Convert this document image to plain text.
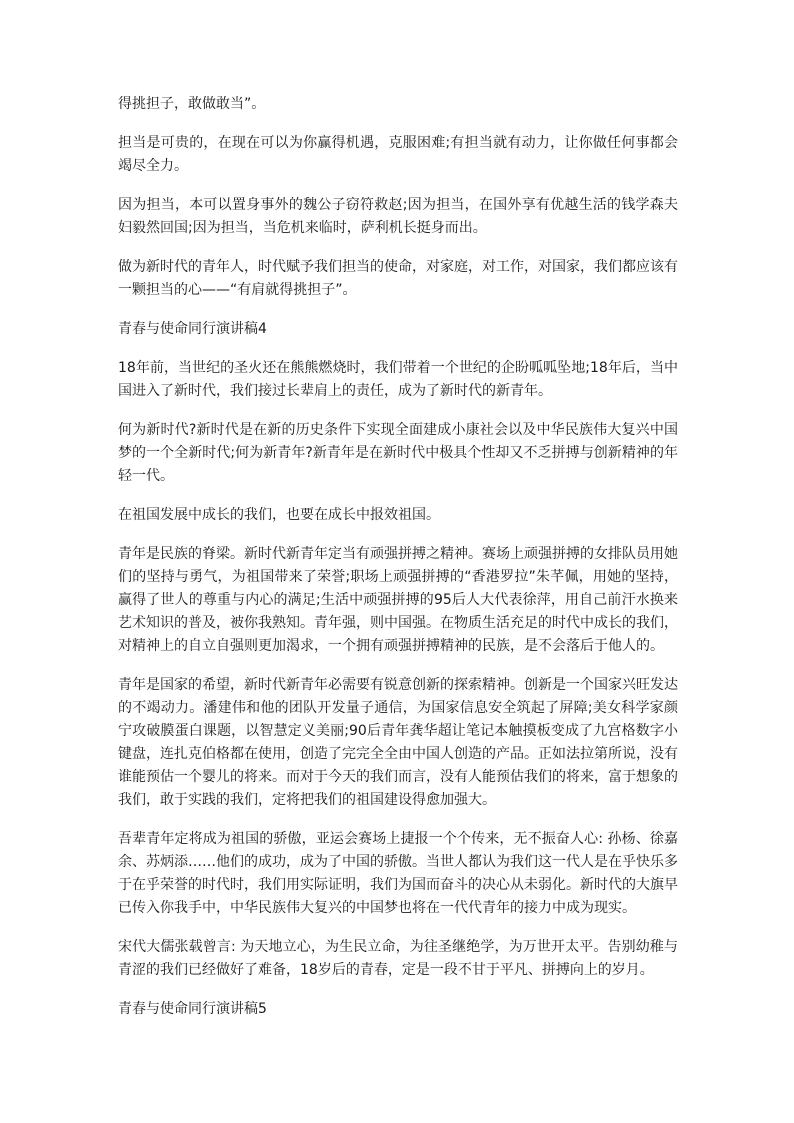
得挑担子，敢做敢当”。

担当是可贵的，在现在可以为你赢得机遇，克服困难;有担当就有动力，让你做任何事都会竭尽全力。

因为担当，本可以置身事外的魏公子窃符救赵;因为担当，在国外享有优越生活的钱学森夫妇毅然回国;因为担当，当危机来临时，萨利机长挺身而出。

做为新时代的青年人，时代赋予我们担当的使命，对家庭，对工作，对国家，我们都应该有一颗担当的心——“有肩就得挑担子”。

青春与使命同行演讲稿4

18年前，当世纪的圣火还在熊熊燃烧时，我们带着一个世纪的企盼呱呱坠地;18年后，当中国进入了新时代，我们接过长辈肩上的责任，成为了新时代的新青年。

何为新时代?新时代是在新的历史条件下实现全面建成小康社会以及中华民族伟大复兴中国梦的一个全新时代;何为新青年?新青年是在新时代中极具个性却又不乏拼搏与创新精神的年轻一代。

在祖国发展中成长的我们，也要在成长中报效祖国。

青年是民族的脊梁。新时代新青年定当有顽强拼搏之精神。赛场上顽强拼搏的女排队员用她们的坚持与勇气，为祖国带来了荣誉;职场上顽强拼搏的“香港罗拉”朱芊佩，用她的坚持，赢得了世人的尊重与内心的满足;生活中顽强拼搏的95后人大代表徐萍，用自己前汗水换来艺术知识的普及，被你我熟知。青年强，则中国强。在物质生活充足的时代中成长的我们，对精神上的自立自强则更加渴求，一个拥有顽强拼搏精神的民族，是不会落后于他人的。

青年是国家的希望，新时代新青年必需要有锐意创新的探索精神。创新是一个国家兴旺发达的不竭动力。潘建伟和他的团队开发量子通信，为国家信息安全筑起了屏障;美女科学家颜宁攻破膜蛋白课题，以智慧定义美丽;90后青年龚华超让笔记本触摸板变成了九宫格数字小键盘，连扎克伯格都在使用，创造了完完全全由中国人创造的产品。正如法拉第所说，没有谁能预估一个婴儿的将来。而对于今天的我们而言，没有人能预估我们的将来，富于想象的我们，敢于实践的我们，定将把我们的祖国建设得愈加强大。

吾辈青年定将成为祖国的骄傲，亚运会赛场上捷报一个个传来，无不振奋人心: 孙杨、徐嘉余、苏炳添……他们的成功，成为了中国的骄傲。当世人都认为我们这一代人是在乎快乐多于在乎荣誉的时代时，我们用实际证明，我们为国而奋斗的决心从未弱化。新时代的大旗早已传入你我手中，中华民族伟大复兴的中国梦也将在一代代青年的接力中成为现实。

宋代大儒张载曾言: 为天地立心，为生民立命，为往圣继绝学，为万世开太平。告别幼稚与青涩的我们已经做好了难备，18岁后的青春，定是一段不甘于平凡、拼搏向上的岁月。

青春与使命同行演讲稿5
